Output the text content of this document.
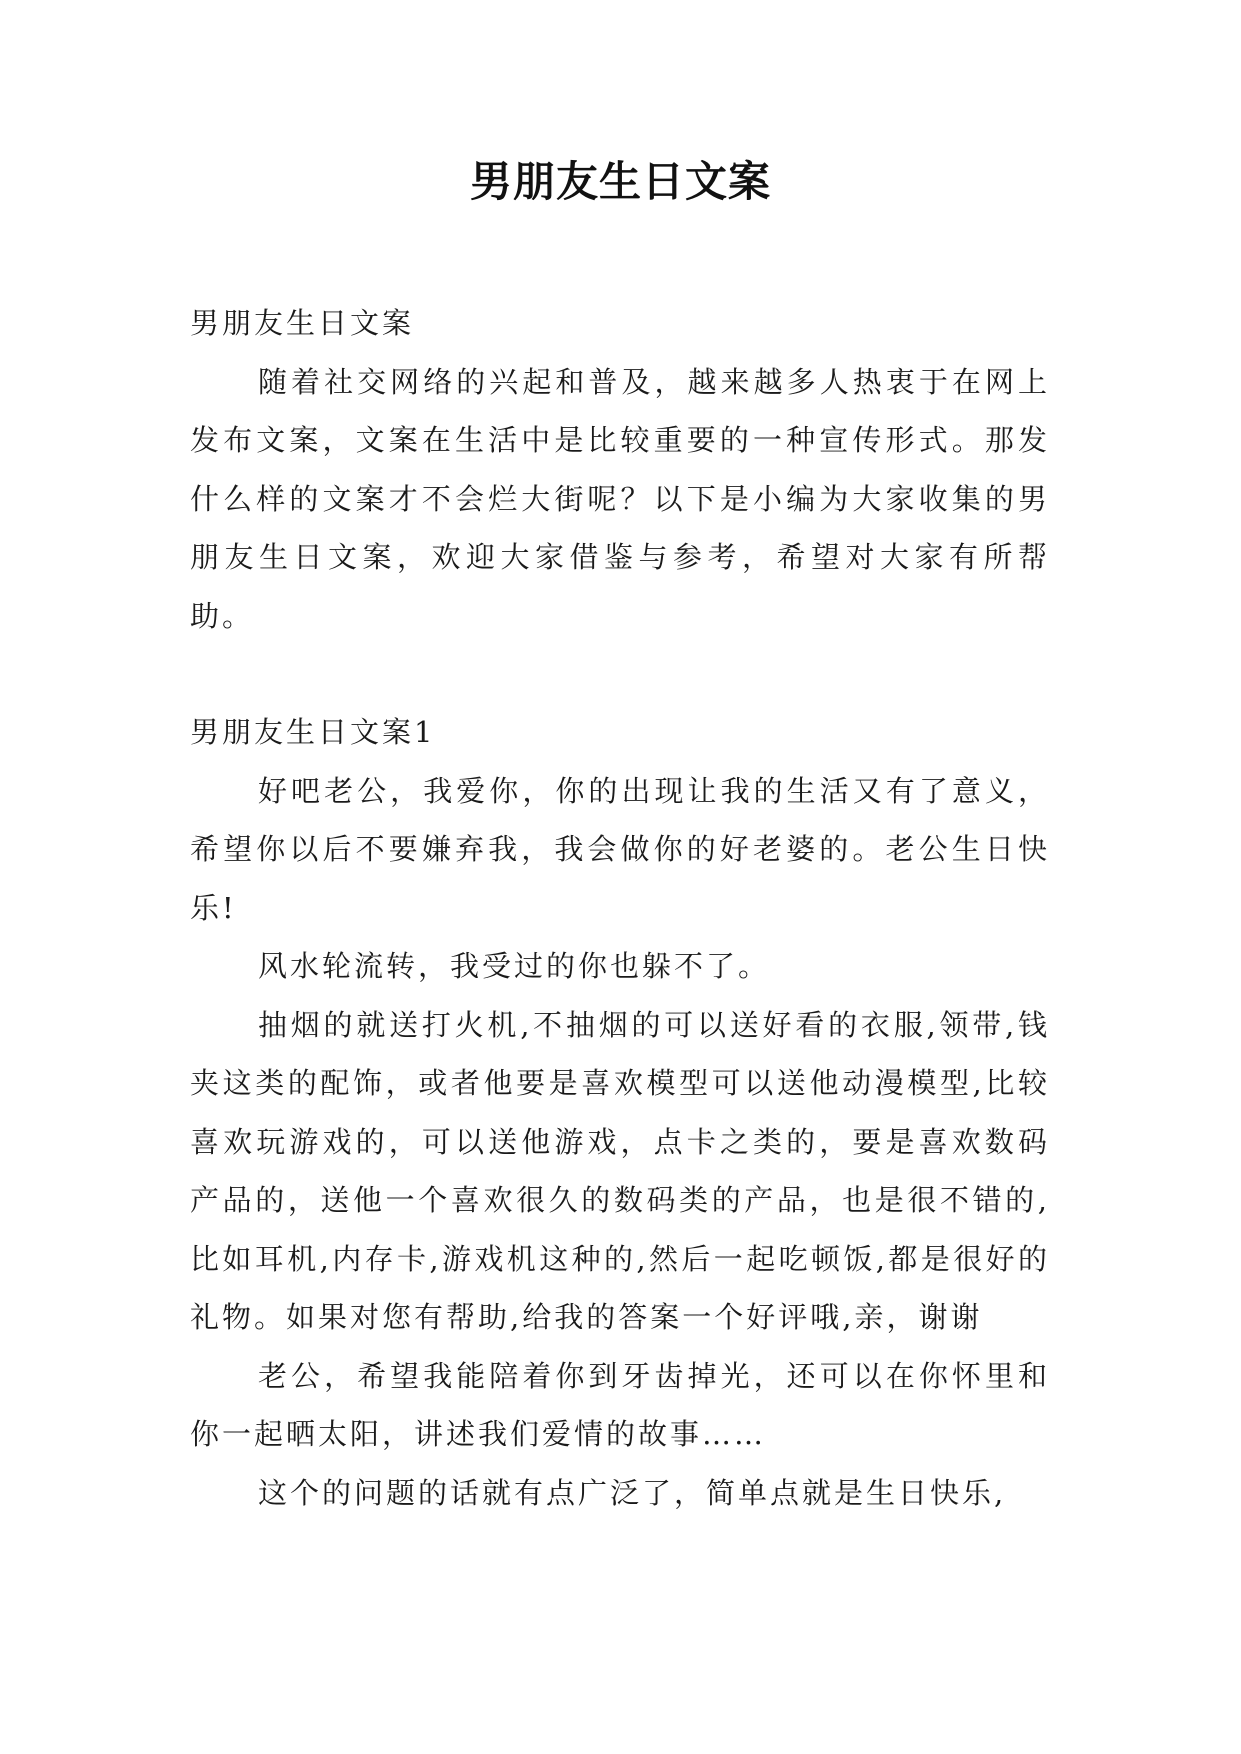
男朋友生日文案

男朋友生日文案

随着社交网络的兴起和普及，越来越多人热衷于在网上发布文案，文案在生活中是比较重要的一种宣传形式。那发什么样的文案才不会烂大街呢？以下是小编为大家收集的男朋友生日文案，欢迎大家借鉴与参考，希望对大家有所帮助。

男朋友生日文案1

好吧老公，我爱你，你的出现让我的生活又有了意义，希望你以后不要嫌弃我，我会做你的好老婆的。老公生日快乐!

风水轮流转，我受过的你也躲不了。

抽烟的就送打火机,不抽烟的可以送好看的衣服,领带,钱夹这类的配饰，或者他要是喜欢模型可以送他动漫模型,比较喜欢玩游戏的，可以送他游戏，点卡之类的，要是喜欢数码产品的，送他一个喜欢很久的数码类的产品，也是很不错的,比如耳机,内存卡,游戏机这种的,然后一起吃顿饭,都是很好的礼物。如果对您有帮助,给我的答案一个好评哦,亲，谢谢

老公，希望我能陪着你到牙齿掉光，还可以在你怀里和你一起晒太阳，讲述我们爱情的故事……

这个的问题的话就有点广泛了，简单点就是生日快乐,
